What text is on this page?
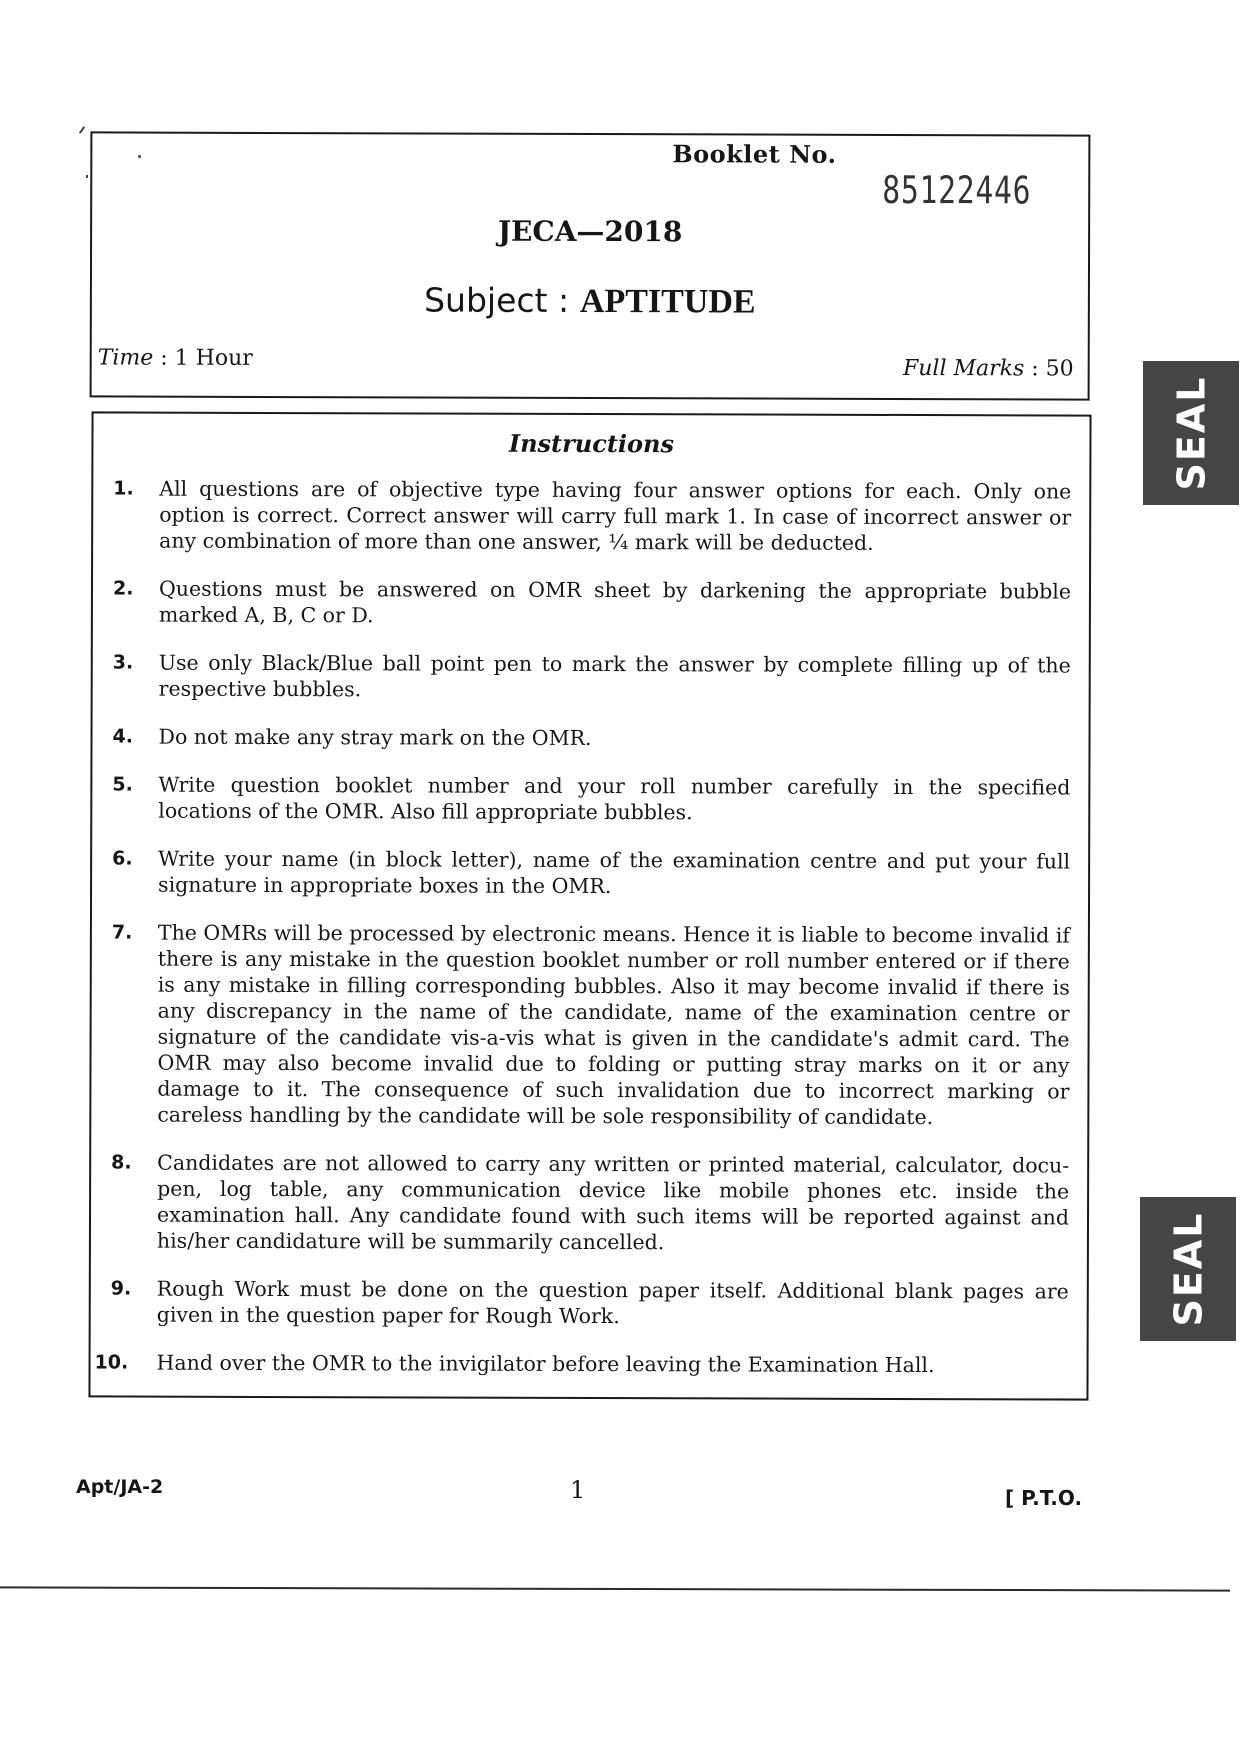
Booklet No.
85122446
JECA—2018
Subject : APTITUDE
Time : 1 Hour	Full Marks : 50
Instructions
1. All questions are of objective type having four answer options for each. Only one option is correct. Correct answer will carry full mark 1. In case of incorrect answer or any combination of more than one answer, ¼ mark will be deducted.
2. Questions must be answered on OMR sheet by darkening the appropriate bubble marked A, B, C or D.
3. Use only Black/Blue ball point pen to mark the answer by complete filling up of the respective bubbles.
4. Do not make any stray mark on the OMR.
5. Write question booklet number and your roll number carefully in the specified locations of the OMR. Also fill appropriate bubbles.
6. Write your name (in block letter), name of the examination centre and put your full signature in appropriate boxes in the OMR.
7. The OMRs will be processed by electronic means. Hence it is liable to become invalid if there is any mistake in the question booklet number or roll number entered or if there is any mistake in filling corresponding bubbles. Also it may become invalid if there is any discrepancy in the name of the candidate, name of the examination centre or signature of the candidate vis-a-vis what is given in the candidate's admit card. The OMR may also become invalid due to folding or putting stray marks on it or any damage to it. The consequence of such invalidation due to incorrect marking or careless handling by the candidate will be sole responsibility of candidate.
8. Candidates are not allowed to carry any written or printed material, calculator, docu-pen, log table, any communication device like mobile phones etc. inside the examination hall. Any candidate found with such items will be reported against and his/her candidature will be summarily cancelled.
9. Rough Work must be done on the question paper itself. Additional blank pages are given in the question paper for Rough Work.
10. Hand over the OMR to the invigilator before leaving the Examination Hall.
SEAL
SEAL
Apt/JA-2	1	[ P.T.O.
